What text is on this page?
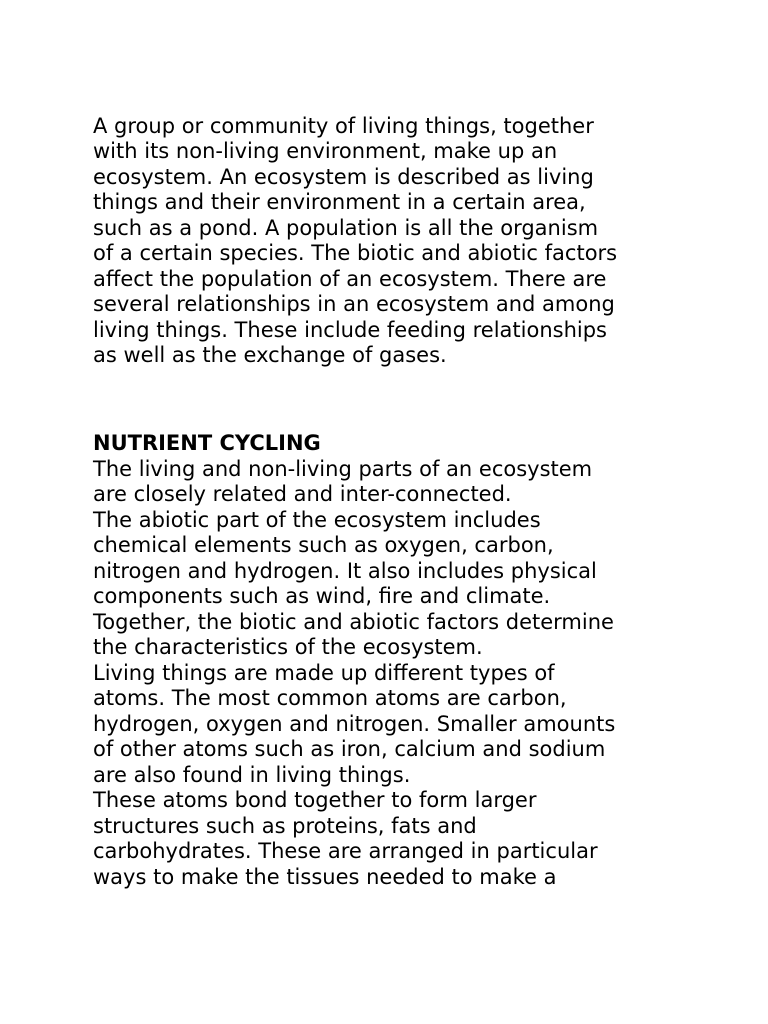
A group or community of living things, together
with its non-living environment, make up an
ecosystem. An ecosystem is described as living
things and their environment in a certain area,
such as a pond. A population is all the organism
of a certain species. The biotic and abiotic factors
affect the population of an ecosystem. There are
several relationships in an ecosystem and among
living things. These include feeding relationships
as well as the exchange of gases.

NUTRIENT CYCLING

The living and non-living parts of an ecosystem
are closely related and inter-connected.

The abiotic part of the ecosystem includes
chemical elements such as oxygen, carbon,
nitrogen and hydrogen. It also includes physical
components such as wind, fire and climate.
Together, the biotic and abiotic factors determine
the characteristics of the ecosystem.

Living things are made up different types of
atoms. The most common atoms are carbon,
hydrogen, oxygen and nitrogen. Smaller amounts
of other atoms such as iron, calcium and sodium
are also found in living things.

These atoms bond together to form larger
structures such as proteins, fats and
carbohydrates. These are arranged in particular
ways to make the tissues needed to make a
